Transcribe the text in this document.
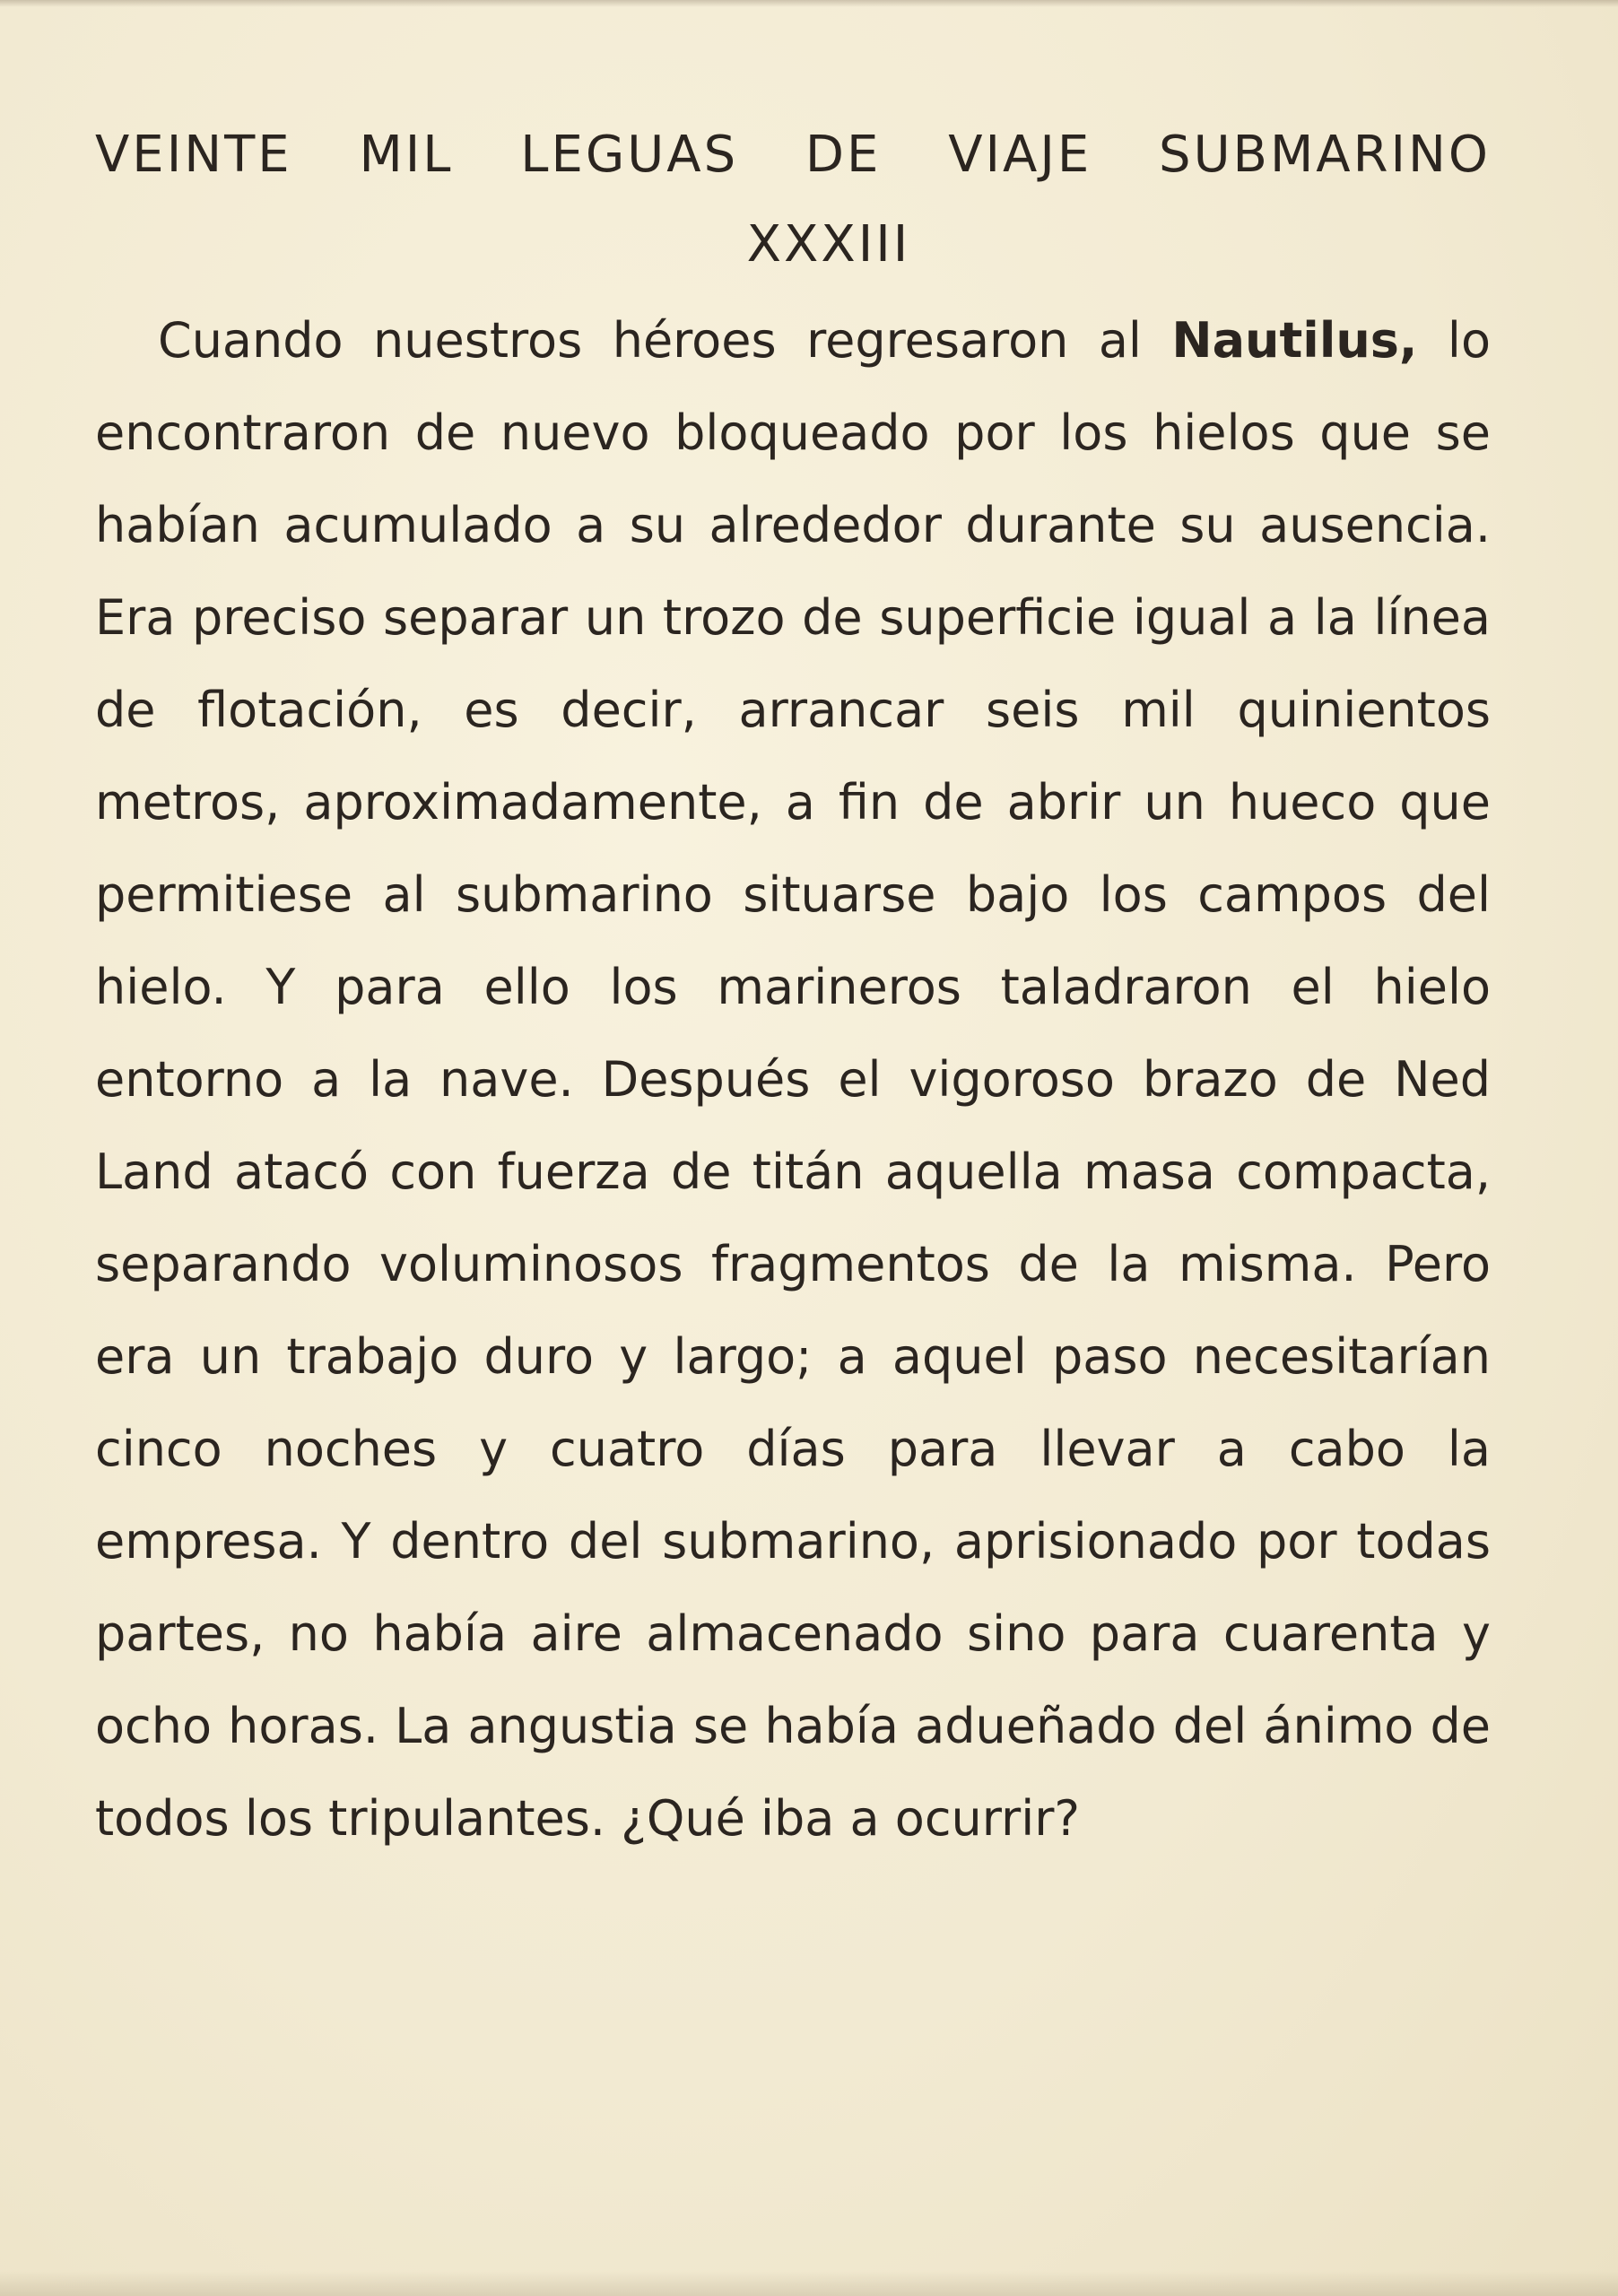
VEINTE MIL LEGUAS DE VIAJE SUBMARINO
XXXIII

Cuando nuestros héroes regresaron al Nautilus, lo encontraron de nuevo bloqueado por los hielos que se habían acumulado a su alrededor durante su ausencia. Era preciso separar un trozo de superficie igual a la línea de flotación, es decir, arrancar seis mil quinientos metros, aproximadamente, a fin de abrir un hueco que permitiese al submarino situarse bajo los campos del hielo. Y para ello los marineros taladraron el hielo entorno a la nave. Después el vigoroso brazo de Ned Land atacó con fuerza de titán aquella masa compacta, separando voluminosos fragmentos de la misma. Pero era un trabajo duro y largo; a aquel paso necesitarían cinco noches y cuatro días para llevar a cabo la empresa. Y dentro del submarino, aprisionado por todas partes, no había aire almacenado sino para cuarenta y ocho horas. La angustia se había adueñado del ánimo de todos los tripulantes. ¿Qué iba a ocurrir?
